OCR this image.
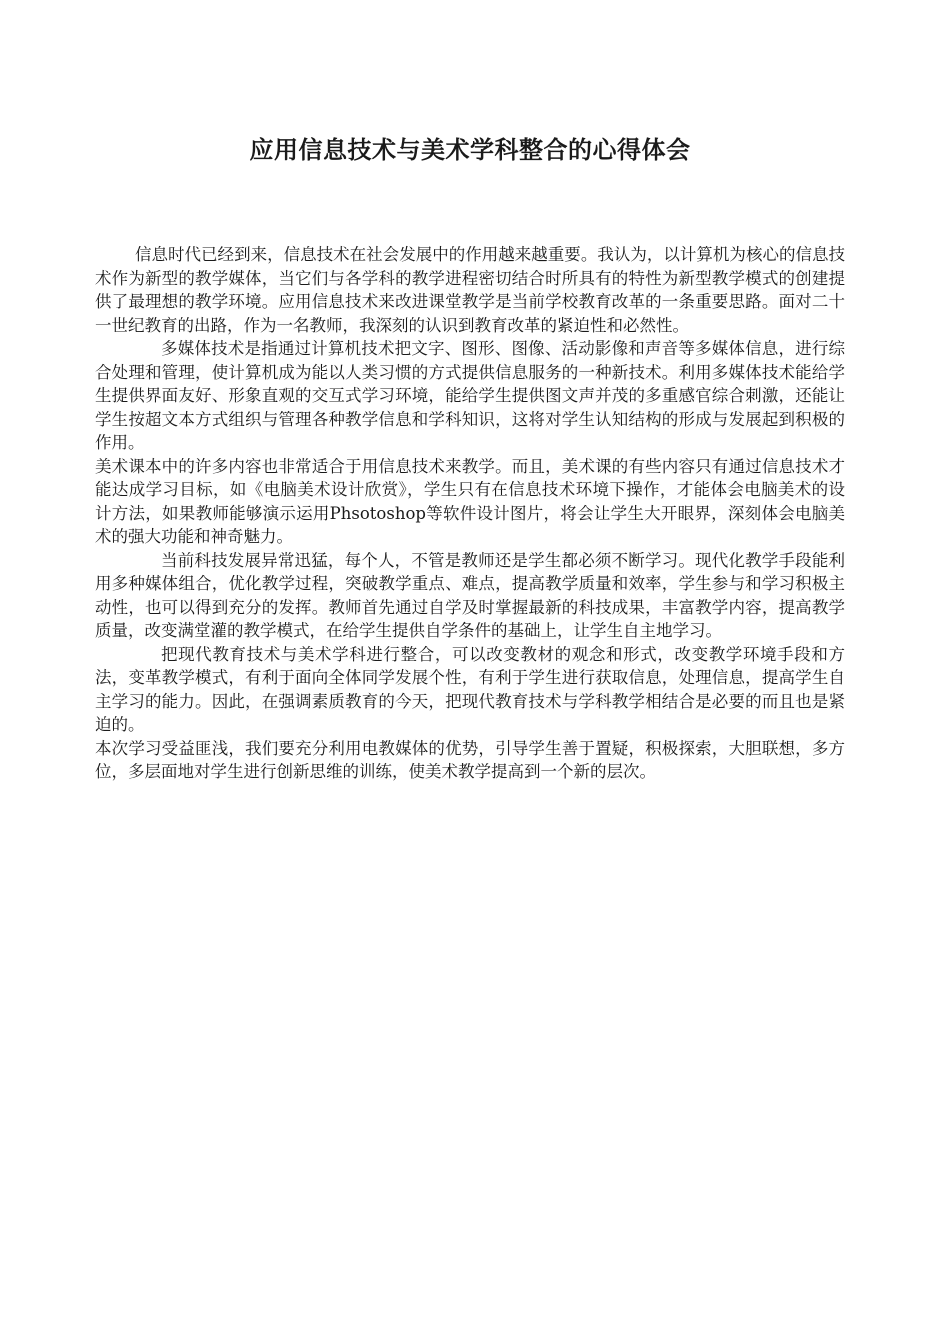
应用信息技术与美术学科整合的心得体会

信息时代已经到来，信息技术在社会发展中的作用越来越重要。我认为，以计算机为核心的信息技术作为新型的教学媒体，当它们与各学科的教学进程密切结合时所具有的特性为新型教学模式的创建提供了最理想的教学环境。应用信息技术来改进课堂教学是当前学校教育改革的一条重要思路。面对二十一世纪教育的出路，作为一名教师，我深刻的认识到教育改革的紧迫性和必然性。

多媒体技术是指通过计算机技术把文字、图形、图像、活动影像和声音等多媒体信息，进行综合处理和管理，使计算机成为能以人类习惯的方式提供信息服务的一种新技术。利用多媒体技术能给学生提供界面友好、形象直观的交互式学习环境，能给学生提供图文声并茂的多重感官综合刺激，还能让学生按超文本方式组织与管理各种教学信息和学科知识，这将对学生认知结构的形成与发展起到积极的作用。

美术课本中的许多内容也非常适合于用信息技术来教学。而且，美术课的有些内容只有通过信息技术才能达成学习目标，如《电脑美术设计欣赏》，学生只有在信息技术环境下操作，才能体会电脑美术的设计方法，如果教师能够演示运用Phsotoshop等软件设计图片，将会让学生大开眼界，深刻体会电脑美术的强大功能和神奇魅力。

当前科技发展异常迅猛，每个人，不管是教师还是学生都必须不断学习。现代化教学手段能利用多种媒体组合，优化教学过程，突破教学重点、难点，提高教学质量和效率，学生参与和学习积极主动性，也可以得到充分的发挥。教师首先通过自学及时掌握最新的科技成果，丰富教学内容，提高教学质量，改变满堂灌的教学模式，在给学生提供自学条件的基础上，让学生自主地学习。

把现代教育技术与美术学科进行整合，可以改变教材的观念和形式，改变教学环境手段和方法，变革教学模式，有利于面向全体同学发展个性，有利于学生进行获取信息，处理信息，提高学生自主学习的能力。因此，在强调素质教育的今天，把现代教育技术与学科教学相结合是必要的而且也是紧迫的。

本次学习受益匪浅，我们要充分利用电教媒体的优势，引导学生善于置疑，积极探索，大胆联想，多方位，多层面地对学生进行创新思维的训练，使美术教学提高到一个新的层次。
